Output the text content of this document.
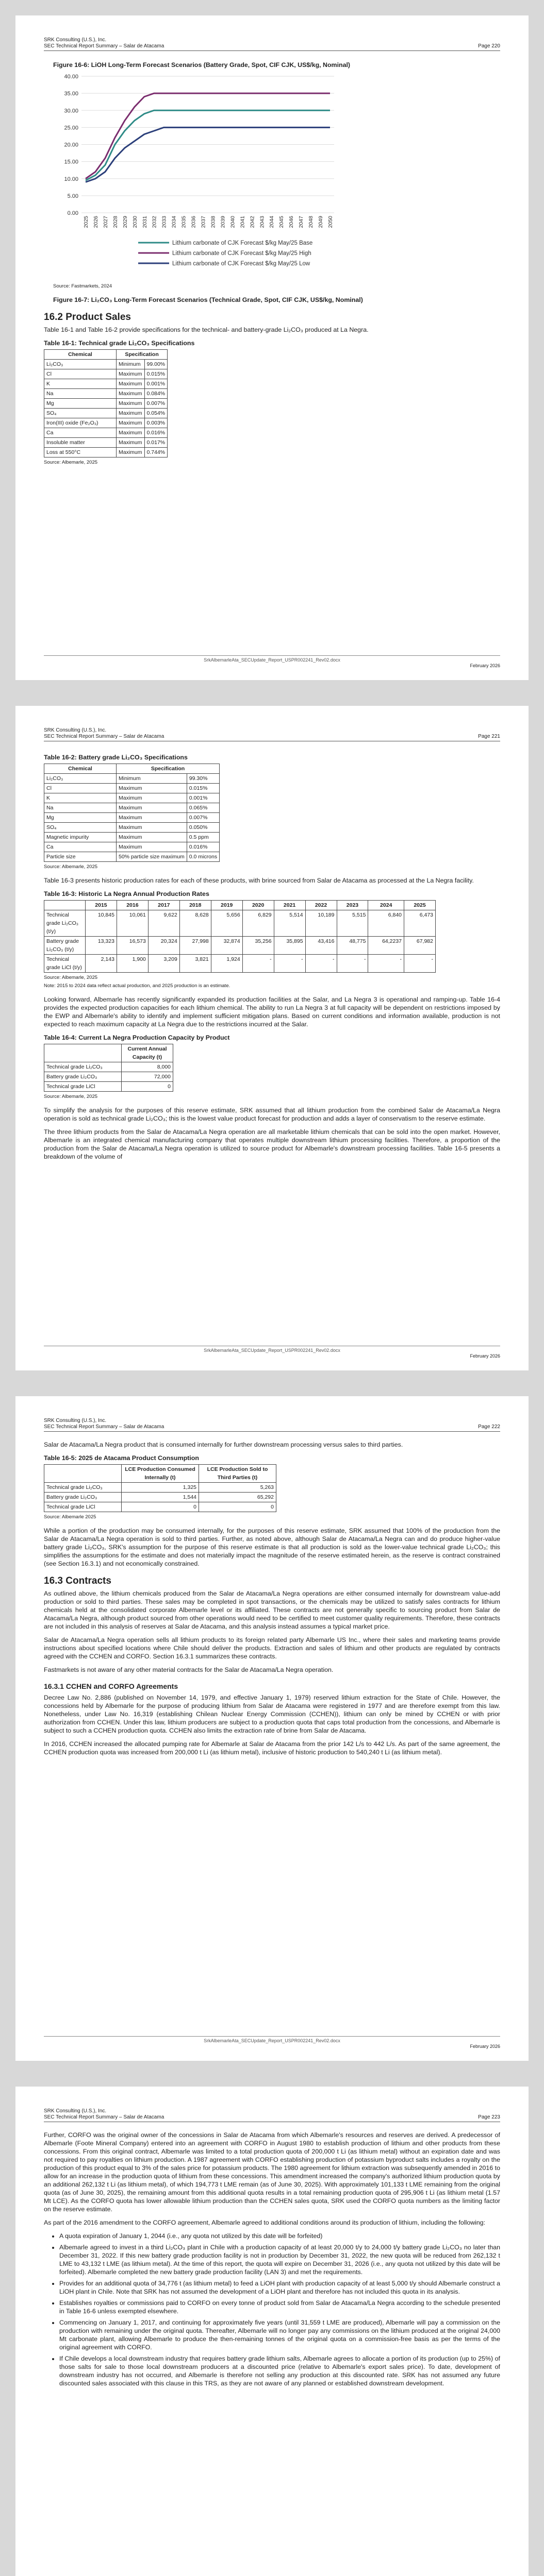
SRK Consulting (U.S.), Inc.
SEC Technical Report Summary – Salar de Atacama	Page 220
Figure 16-6: LiOH Long-Term Forecast Scenarios (Battery Grade, Spot, CIF CJK, US$/kg, Nominal)
0.00
5.00
10.00
15.00
20.00
25.00
30.00
35.00
40.00
2025 2026 2027 2028 2029 2030 2031 2032 2033 2034 2035 2036 2037 2038 2039 2040 2041 2042 2043 2044 2045 2046 2047 2048 2049 2050
Lithium carbonate of CJK Forecast $/kg May/25 Base
Lithium carbonate of CJK Forecast $/kg May/25 High
Lithium carbonate of CJK Forecast $/kg May/25 Low
Source: Fastmarkets, 2024
Figure 16-7: Li₂CO₃ Long-Term Forecast Scenarios (Technical Grade, Spot, CIF CJK, US$/kg, Nominal)
16.2 Product Sales

Table 16-1 and Table 16-2 provide specifications for the technical- and battery-grade Li₂CO₃ produced at La Negra.

Table 16-1: Technical grade Li₂CO₃ Specifications
Chemical	Specification	
Li₂CO₃	Minimum	99.00%
Cl	Maximum	0.015%
K	Maximum	0.001%
Na	Maximum	0.084%
Mg	Maximum	0.007%
SO₄	Maximum	0.054%
Iron(III) oxide (Fe₂O₃)	Maximum	0.003%
Ca	Maximum	0.016%
Insoluble matter	Maximum	0.017%
Loss at 550°C	Maximum	0.744%
Source: Albemarle, 2025
SrkAlbemarleAta_SECUpdate_Report_USPR002241_Rev02.docx
February 2026
SRK Consulting (U.S.), Inc.
SEC Technical Report Summary – Salar de Atacama	Page 221
Table 16-2: Battery grade Li₂CO₃ Specifications
Chemical	Specification	
Li₂CO₃	Minimum	99.30%
Cl	Maximum	0.015%
K	Maximum	0.001%
Na	Maximum	0.065%
Mg	Maximum	0.007%
SO₄	Maximum	0.050%
Magnetic impurity	Maximum	0.5 ppm
Ca	Maximum	0.016%
Particle size	50% particle size maximum	0.0 microns
Source: Albemarle, 2025

Table 16-3 presents historic production rates for each of these products, with brine sourced from Salar de Atacama as processed at the La Negra facility.

Table 16-3: Historic La Negra Annual Production Rates
	2015	2016	2017	2018	2019	2020	2021	2022	2023	2024	2025
Technical grade Li₂CO₃ (t/y)	10,845	10,061	9,622	8,628	5,656	6,829	5,514	10,189	5,515	6,840	6,473
Battery grade Li₂CO₃ (t/y)	13,323	16,573	20,324	27,998	32,874	35,256	35,895	43,416	48,775	64,2237	67,982
Technical grade LiCl (t/y)	2,143	1,900	3,209	3,821	1,924	-	-	-	-	-	-
Source: Albemarle, 2025
Note: 2015 to 2024 data reflect actual production, and 2025 production is an estimate.

Looking forward, Albemarle has recently significantly expanded its production facilities at the Salar, and La Negra 3 is operational and ramping-up. Table 16-4 provides the expected production capacities for each lithium chemical. The ability to run La Negra 3 at full capacity will be dependent on restrictions imposed by the EWP and Albemarle's ability to identify and implement sufficient mitigation plans. Based on current conditions and information available, production is not expected to reach maximum capacity at La Negra due to the restrictions incurred at the Salar.

Table 16-4: Current La Negra Production Capacity by Product
	Current Annual Capacity (t)
Technical grade Li₂CO₃	8,000
Battery grade Li₂CO₃	72,000
Technical grade LiCl	0
Source: Albemarle, 2025

To simplify the analysis for the purposes of this reserve estimate, SRK assumed that all lithium production from the combined Salar de Atacama/La Negra operation is sold as technical grade Li₂CO₃; this is the lowest value product forecast for production and adds a layer of conservatism to the reserve estimate.

The three lithium products from the Salar de Atacama/La Negra operation are all marketable lithium chemicals that can be sold into the open market. However, Albemarle is an integrated chemical manufacturing company that operates multiple downstream lithium processing facilities. Therefore, a proportion of the production from the Salar de Atacama/La Negra operation is utilized to source product for Albemarle's downstream processing facilities. Table 16-5 presents a breakdown of the volume of

SrkAlbemarleAta_SECUpdate_Report_USPR002241_Rev02.docx
February 2026
SRK Consulting (U.S.), Inc.
SEC Technical Report Summary – Salar de Atacama	Page 222

Salar de Atacama/La Negra product that is consumed internally for further downstream processing versus sales to third parties.

Table 16-5: 2025 de Atacama Product Consumption
	LCE Production Consumed Internally (t)	LCE Production Sold to Third Parties (t)
Technical grade Li₂CO₃	1,325	5,263
Battery grade Li₂CO₃	1,544	65,292
Technical grade LiCl	0	0
Source: Albemarle 2025

While a portion of the production may be consumed internally, for the purposes of this reserve estimate, SRK assumed that 100% of the production from the Salar de Atacama/La Negra operation is sold to third parties. Further, as noted above, although Salar de Atacama/La Negra can and do produce higher-value battery grade Li₂CO₃, SRK's assumption for the purpose of this reserve estimate is that all production is sold as the lower-value technical grade Li₂CO₃; this simplifies the assumptions for the estimate and does not materially impact the magnitude of the reserve estimated herein, as the reserve is contract constrained (see Section 16.3.1) and not economically constrained.

16.3 Contracts

As outlined above, the lithium chemicals produced from the Salar de Atacama/La Negra operations are either consumed internally for downstream value-add production or sold to third parties. These sales may be completed in spot transactions, or the chemicals may be utilized to satisfy sales contracts for lithium chemicals held at the consolidated corporate Albemarle level or its affiliated. These contracts are not generally specific to sourcing product from Salar de Atacama/La Negra, although product sourced from other operations would need to be certified to meet customer quality requirements. Therefore, these contracts are not included in this analysis of reserves at Salar de Atacama, and this analysis instead assumes a typical market price.

Salar de Atacama/La Negra operation sells all lithium products to its foreign related party Albemarle US Inc., where their sales and marketing teams provide instructions about specified locations where Chile should deliver the products. Extraction and sales of lithium and other products are regulated by contracts agreed with the CCHEN and CORFO. Section 16.3.1 summarizes these contracts.

Fastmarkets is not aware of any other material contracts for the Salar de Atacama/La Negra operation.

16.3.1 CCHEN and CORFO Agreements

Decree Law No. 2,886 (published on November 14, 1979, and effective January 1, 1979) reserved lithium extraction for the State of Chile. However, the concessions held by Albemarle for the purpose of producing lithium from Salar de Atacama were registered in 1977 and are therefore exempt from this law. Nonetheless, under Law No. 16,319 (establishing Chilean Nuclear Energy Commission (CCHEN)), lithium can only be mined by CCHEN or with prior authorization from CCHEN. Under this law, lithium producers are subject to a production quota that caps total production from the concessions, and Albemarle is subject to such a CCHEN production quota. CCHEN also limits the extraction rate of brine from Salar de Atacama.

In 2016, CCHEN increased the allocated pumping rate for Albemarle at Salar de Atacama from the prior 142 L/s to 442 L/s. As part of the same agreement, the CCHEN production quota was increased from 200,000 t Li (as lithium metal), inclusive of historic production to 540,240 t Li (as lithium metal).

SrkAlbemarleAta_SECUpdate_Report_USPR002241_Rev02.docx
February 2026
SRK Consulting (U.S.), Inc.
SEC Technical Report Summary – Salar de Atacama	Page 223

Further, CORFO was the original owner of the concessions in Salar de Atacama from which Albemarle's resources and reserves are derived. A predecessor of Albemarle (Foote Mineral Company) entered into an agreement with CORFO in August 1980 to establish production of lithium and other products from these concessions. From this original contract, Albemarle was limited to a total production quota of 200,000 t Li (as lithium metal) without an expiration date and was not required to pay royalties on lithium production. A 1987 agreement with CORFO establishing production of potassium byproduct salts includes a royalty on the production of this product equal to 3% of the sales price for potassium products. The 1980 agreement for lithium extraction was subsequently amended in 2016 to allow for an increase in the production quota of lithium from these concessions. This amendment increased the company's authorized lithium production quota by an additional 262,132 t Li (as lithium metal), of which 194,773 t LME remain (as of June 30, 2025). With approximately 101,133 t LME remaining from the original quota (as of June 30, 2025), the remaining amount from this additional quota results in a total remaining production quota of 295,906 t Li (as lithium metal (1.57 Mt LCE). As the CORFO quota has lower allowable lithium production than the CCHEN sales quota, SRK used the CORFO quota numbers as the limiting factor on the reserve estimate.

As part of the 2016 amendment to the CORFO agreement, Albemarle agreed to additional conditions around its production of lithium, including the following:

• A quota expiration of January 1, 2044 (i.e., any quota not utilized by this date will be forfeited)
• Albemarle agreed to invest in a third Li₂CO₃ plant in Chile with a production capacity of at least 20,000 t/y to 24,000 t/y battery grade Li₂CO₃ no later than December 31, 2022. If this new battery grade production facility is not in production by December 31, 2022, the new quota will be reduced from 262,132 t LME to 43,132 t LME (as lithium metal). At the time of this report, the quota will expire on December 31, 2026 (i.e., any quota not utilized by this date will be forfeited). Albemarle completed the new battery grade production facility (LAN 3) and met the requirements.
• Provides for an additional quota of 34,776 t (as lithium metal) to feed a LiOH plant with production capacity of at least 5,000 t/y should Albemarle construct a LiOH plant in Chile. Note that SRK has not assumed the development of a LiOH plant and therefore has not included this quota in its analysis.
• Establishes royalties or commissions paid to CORFO on every tonne of product sold from Salar de Atacama/La Negra according to the schedule presented in Table 16-6 unless exempted elsewhere.
• Commencing on January 1, 2017, and continuing for approximately five years (until 31,559 t LME are produced), Albemarle will pay a commission on the production with remaining under the original quota. Thereafter, Albemarle will no longer pay any commissions on the lithium produced at the original 24,000 Mt carbonate plant, allowing Albemarle to produce the then-remaining tonnes of the original quota on a commission-free basis as per the terms of the original agreement with CORFO.
• If Chile develops a local downstream industry that requires battery grade lithium salts, Albemarle agrees to allocate a portion of its production (up to 25%) of those salts for sale to those local downstream producers at a discounted price (relative to Albemarle's export sales price). To date, development of downstream industry has not occurred, and Albemarle is therefore not selling any production at this discounted rate. SRK has not assumed any future discounted sales associated with this clause in this TRS, as they are not aware of any planned or established downstream development.
